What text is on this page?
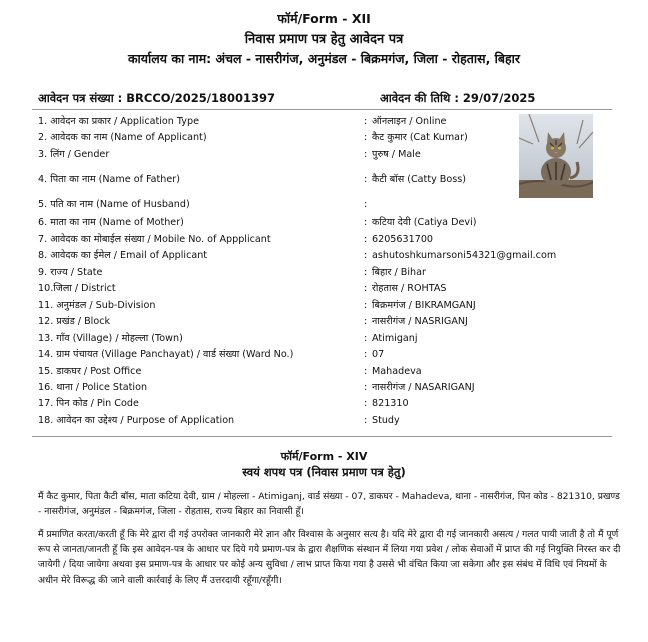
फॉर्म/Form - XII
निवास प्रमाण पत्र हेतु आवेदन पत्र
कार्यालय का नाम: अंचल - नासरीगंज, अनुमंडल - बिक्रमगंज, जिला - रोहतास, बिहार
आवेदन पत्र संख्या : BRCCO/2025/18001397	आवेदन की तिथि : 29/07/2025
1. आवेदन का प्रकार / Application Type	: ऑनलाइन / Online
2. आवेदक का नाम (Name of Applicant)	: कैट कुमार (Cat Kumar)
3. लिंग / Gender	: पुरुष / Male
4. पिता का नाम (Name of Father)	: कैटी बॉस (Catty Boss)
5. पति का नाम (Name of Husband)	:
6. माता का नाम (Name of Mother)	: कटिया देवी (Catiya Devi)
7. आवेदक का मोबाईल संख्या / Mobile No. of Appplicant	: 6205631700
8. आवेदक का ईमेल / Email of Applicant	: ashutoshkumarsoni54321@gmail.com
9. राज्य / State	: बिहार / Bihar
10.जिला / District	: रोहतास / ROHTAS
11. अनुमंडल / Sub-Division	: बिक्रमगंज / BIKRAMGANJ
12. प्रखंड / Block	: नासरीगंज / NASRIGANJ
13. गाँव (Village) / मोहल्ला (Town)	: Atimiganj
14. ग्राम पंचायत (Village Panchayat) / वार्ड संख्या (Ward No.)	: 07
15. डाकघर / Post Office	: Mahadeva
16. थाना / Police Station	: नासरीगंज / NASARIGANJ
17. पिन कोड / Pin Code	: 821310
18. आवेदन का उद्देश्य / Purpose of Application	: Study
फॉर्म/Form - XIV
स्वयं शपथ पत्र (निवास प्रमाण पत्र हेतु)
मैं कैट कुमार, पिता कैटी बॉस, माता कटिया देवी, ग्राम / मोहल्ला - Atimiganj, वार्ड संख्या - 07, डाकघर - Mahadeva, थाना - नासरीगंज, पिन कोड - 821310, प्रखण्ड - नासरीगंज, अनुमंडल - बिक्रमगंज, जिला - रोहतास, राज्य बिहार का निवासी हूँ।
मैं प्रमाणित करता/करती हूँ कि मेरे द्वारा दी गई उपरोक्त जानकारी मेरे ज्ञान और विश्वास के अनुसार सत्य है। यदि मेरे द्वारा दी गई जानकारी असत्य / गलत पायी जाती है तो मैं पूर्ण रूप से जानता/जानती हूँ कि इस आवेदन-पत्र के आधार पर दिये गये प्रमाण-पत्र के द्वारा शैक्षणिक संस्थान में लिया गया प्रवेश / लोक सेवाओं में प्राप्त की गई नियुक्ति निरस्त कर दी जायेगी / दिया जायेगा अथवा इस प्रमाण-पत्र के आधार पर कोई अन्य सुविधा / लाभ प्राप्त किया गया है उससे भी वंचित किया जा सकेगा और इस संबंध में विधि एवं नियमों के अधीन मेरे विरूद्ध की जाने वाली कार्रवाई के लिए मैं उत्तरदायी रहूँगा/रहूँगी।
